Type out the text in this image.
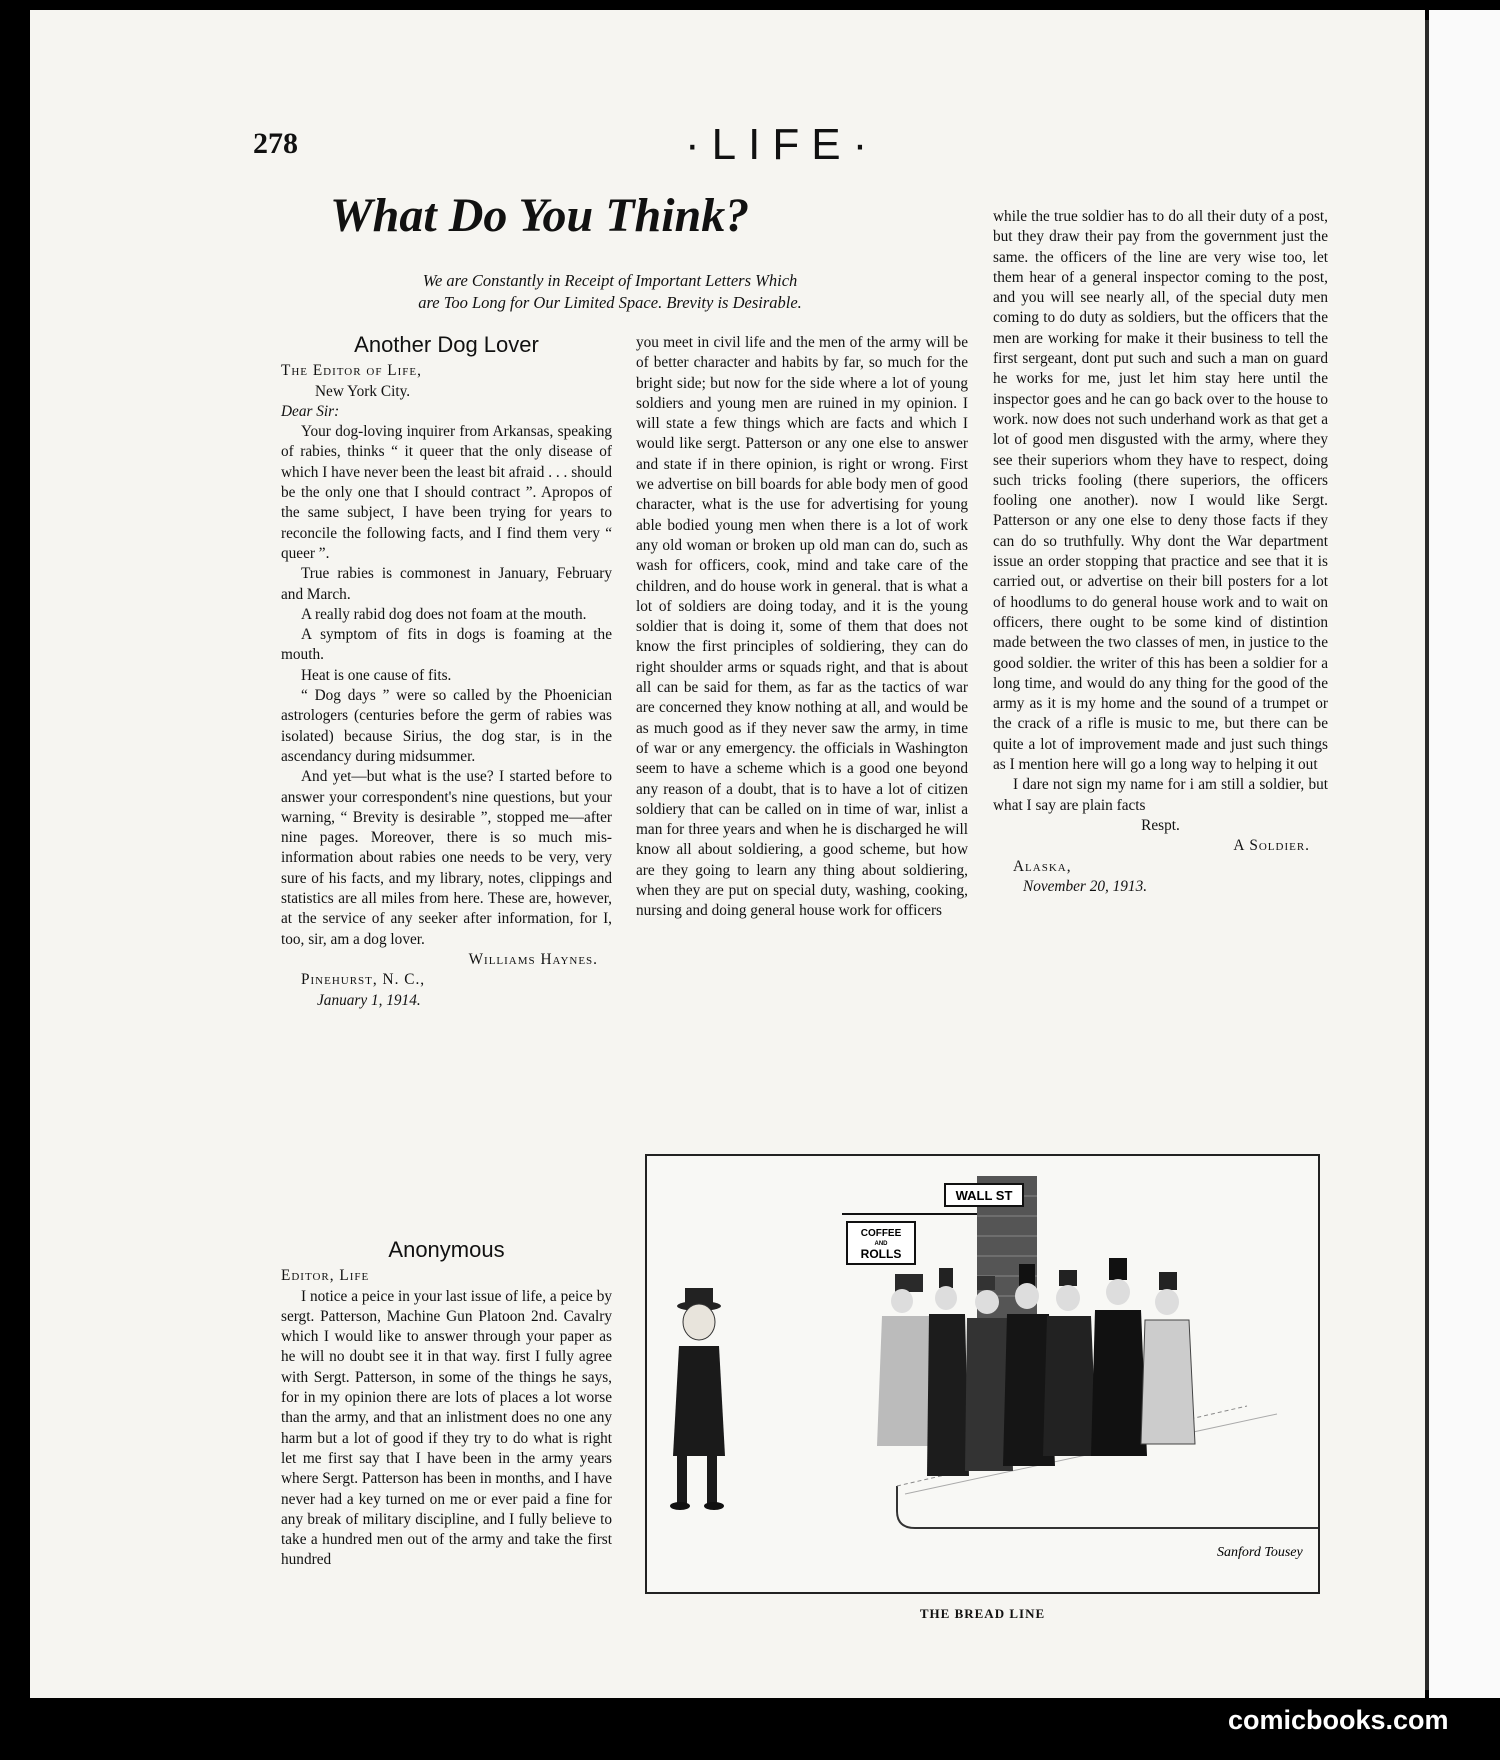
278	·LIFE·
What Do You Think?
We are Constantly in Receipt of Important Letters Which
are Too Long for Our Limited Space. Brevity is Desirable.

Another Dog Lover

The Editor of Life,

New York City.

Dear Sir:

Your dog-loving inquirer from Arkansas, speaking of rabies, thinks “ it queer that the only disease of which I have never been the least bit afraid . . . should be the only one that I should contract ”. Apropos of the same subject, I have been trying for years to reconcile the following facts, and I find them very “ queer ”.

True rabies is commonest in January, February and March.

A really rabid dog does not foam at the mouth.

A symptom of fits in dogs is foaming at the mouth.

Heat is one cause of fits.

“ Dog days ” were so called by the Phoenician astrologers (centuries before the germ of rabies was isolated) because Sirius, the dog star, is in the ascendancy during midsummer.

And yet—but what is the use? I started before to answer your correspondent's nine questions, but your warning, “ Brevity is desirable ”, stopped me—after nine pages. Moreover, there is so much mis-information about rabies one needs to be very, very sure of his facts, and my library, notes, clippings and statistics are all miles from here. These are, however, at the service of any seeker after information, for I, too, sir, am a dog lover.

Williams Haynes.

Pinehurst, N. C.,

January 1, 1914.

Anonymous

Editor, Life

I notice a peice in your last issue of life, a peice by sergt. Patterson, Machine Gun Platoon 2nd. Cavalry which I would like to answer through your paper as he will no doubt see it in that way. first I fully agree with Sergt. Patterson, in some of the things he says, for in my opinion there are lots of places a lot worse than the army, and that an inlistment does no one any harm but a lot of good if they try to do what is right let me first say that I have been in the army years where Sergt. Patterson has been in months, and I have never had a key turned on me or ever paid a fine for any break of military discipline, and I fully believe to take a hundred men out of the army and take the first hundred

you meet in civil life and the men of the army will be of better character and habits by far, so much for the bright side; but now for the side where a lot of young soldiers and young men are ruined in my opinion. I will state a few things which are facts and which I would like sergt. Patterson or any one else to answer and state if in there opinion, is right or wrong. First we advertise on bill boards for able body men of good character, what is the use for advertising for young able bodied young men when there is a lot of work any old woman or broken up old man can do, such as wash for officers, cook, mind and take care of the children, and do house work in general. that is what a lot of soldiers are doing today, and it is the young soldier that is doing it, some of them that does not know the first principles of soldiering, they can do right shoulder arms or squads right, and that is about all can be said for them, as far as the tactics of war are concerned they know nothing at all, and would be as much good as if they never saw the army, in time of war or any emergency. the officials in Washington seem to have a scheme which is a good one beyond any reason of a doubt, that is to have a lot of citizen soldiery that can be called on in time of war, inlist a man for three years and when he is discharged he will know all about soldiering, a good scheme, but how are they going to learn any thing about soldiering, when they are put on special duty, washing, cooking, nursing and doing general house work for officers

while the true soldier has to do all their duty of a post, but they draw their pay from the government just the same. the officers of the line are very wise too, let them hear of a general inspector coming to the post, and you will see nearly all, of the special duty men coming to do duty as soldiers, but the officers that the men are working for make it their business to tell the first sergeant, dont put such and such a man on guard he works for me, just let him stay here until the inspector goes and he can go back over to the house to work. now does not such underhand work as that get a lot of good men disgusted with the army, where they see their superiors whom they have to respect, doing such tricks fooling (there superiors, the officers fooling one another). now I would like Sergt. Patterson or any one else to deny those facts if they can do so truthfully. Why dont the War department issue an order stopping that practice and see that it is carried out, or advertise on their bill posters for a lot of hoodlums to do general house work and to wait on officers, there ought to be some kind of distintion made between the two classes of men, in justice to the good soldier. the writer of this has been a soldier for a long time, and would do any thing for the good of the army as it is my home and the sound of a trumpet or the crack of a rifle is music to me, but there can be quite a lot of improvement made and just such things as I mention here will go a long way to helping it out

I dare not sign my name for i am still a soldier, but what I say are plain facts

Respt.

A Soldier.

Alaska,

November 20, 1913.

WALL ST
COFFEE
AND
ROLLS
Sanford Tousey
THE BREAD LINE
comicbooks.com
